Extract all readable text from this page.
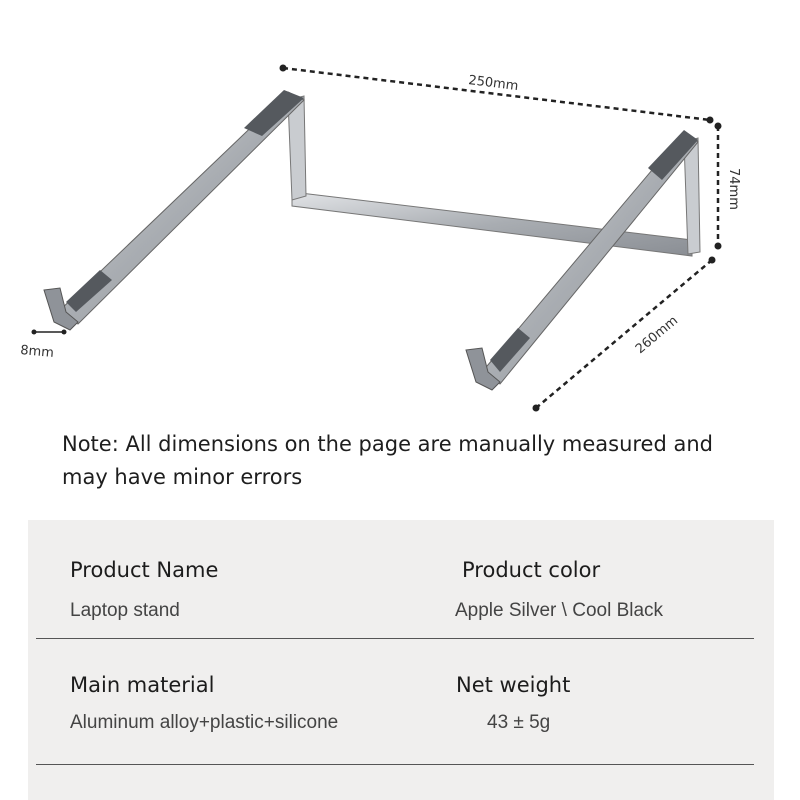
250mm
74mm
260mm
8mm

Note: All dimensions on the page are manually measured and may have minor errors

Product Name
Laptop stand
Product color
Apple Silver \ Cool Black
Main material
Aluminum alloy+plastic+silicone
Net weight
43 ± 5g
